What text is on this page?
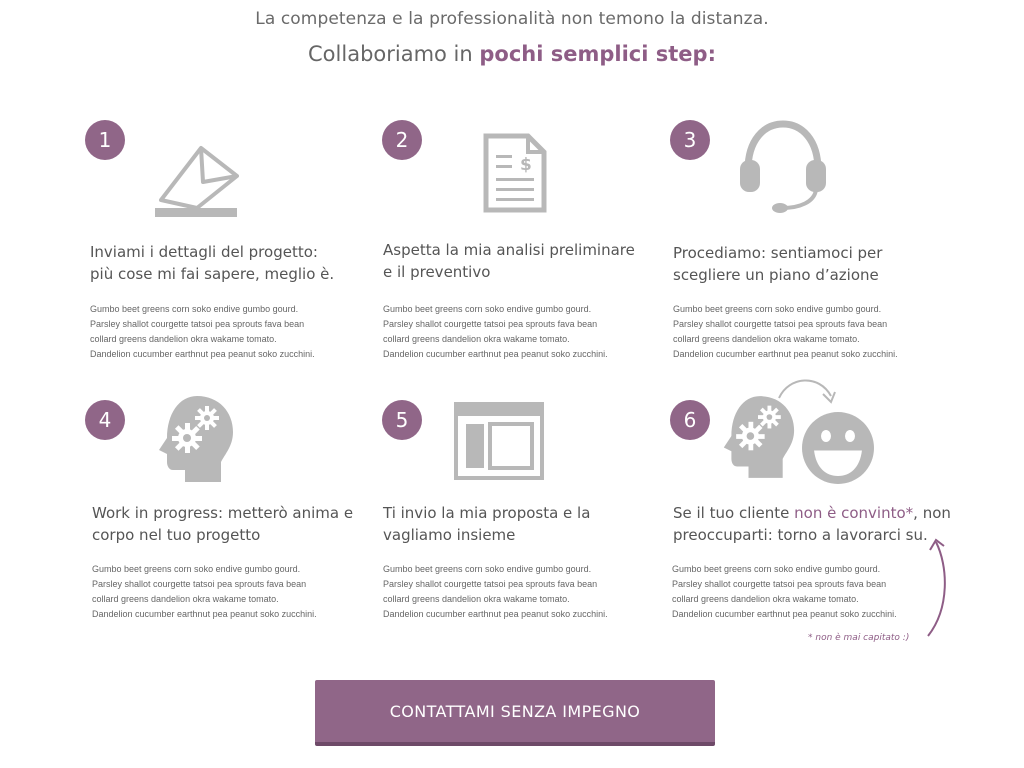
La competenza e la professionalità non temono la distanza.
Collaboriamo in pochi semplici step:
1
Inviami i dettagli del progetto:
più cose mi fai sapere, meglio è.
Gumbo beet greens corn soko endive gumbo gourd.
Parsley shallot courgette tatsoi pea sprouts fava bean
collard greens dandelion okra wakame tomato.
Dandelion cucumber earthnut pea peanut soko zucchini.
2
$
Aspetta la mia analisi preliminare
e il preventivo
Gumbo beet greens corn soko endive gumbo gourd.
Parsley shallot courgette tatsoi pea sprouts fava bean
collard greens dandelion okra wakame tomato.
Dandelion cucumber earthnut pea peanut soko zucchini.
3
Procediamo: sentiamoci per
scegliere un piano d’azione
Gumbo beet greens corn soko endive gumbo gourd.
Parsley shallot courgette tatsoi pea sprouts fava bean
collard greens dandelion okra wakame tomato.
Dandelion cucumber earthnut pea peanut soko zucchini.
4
Work in progress: metterò anima e
corpo nel tuo progetto
Gumbo beet greens corn soko endive gumbo gourd.
Parsley shallot courgette tatsoi pea sprouts fava bean
collard greens dandelion okra wakame tomato.
Dandelion cucumber earthnut pea peanut soko zucchini.
5
Ti invio la mia proposta e la
vagliamo insieme
Gumbo beet greens corn soko endive gumbo gourd.
Parsley shallot courgette tatsoi pea sprouts fava bean
collard greens dandelion okra wakame tomato.
Dandelion cucumber earthnut pea peanut soko zucchini.
6
Se il tuo cliente non è convinto*, non
preoccuparti: torno a lavorarci su.
Gumbo beet greens corn soko endive gumbo gourd.
Parsley shallot courgette tatsoi pea sprouts fava bean
collard greens dandelion okra wakame tomato.
Dandelion cucumber earthnut pea peanut soko zucchini.
* non è mai capitato :)
CONTATTAMI SENZA IMPEGNO
